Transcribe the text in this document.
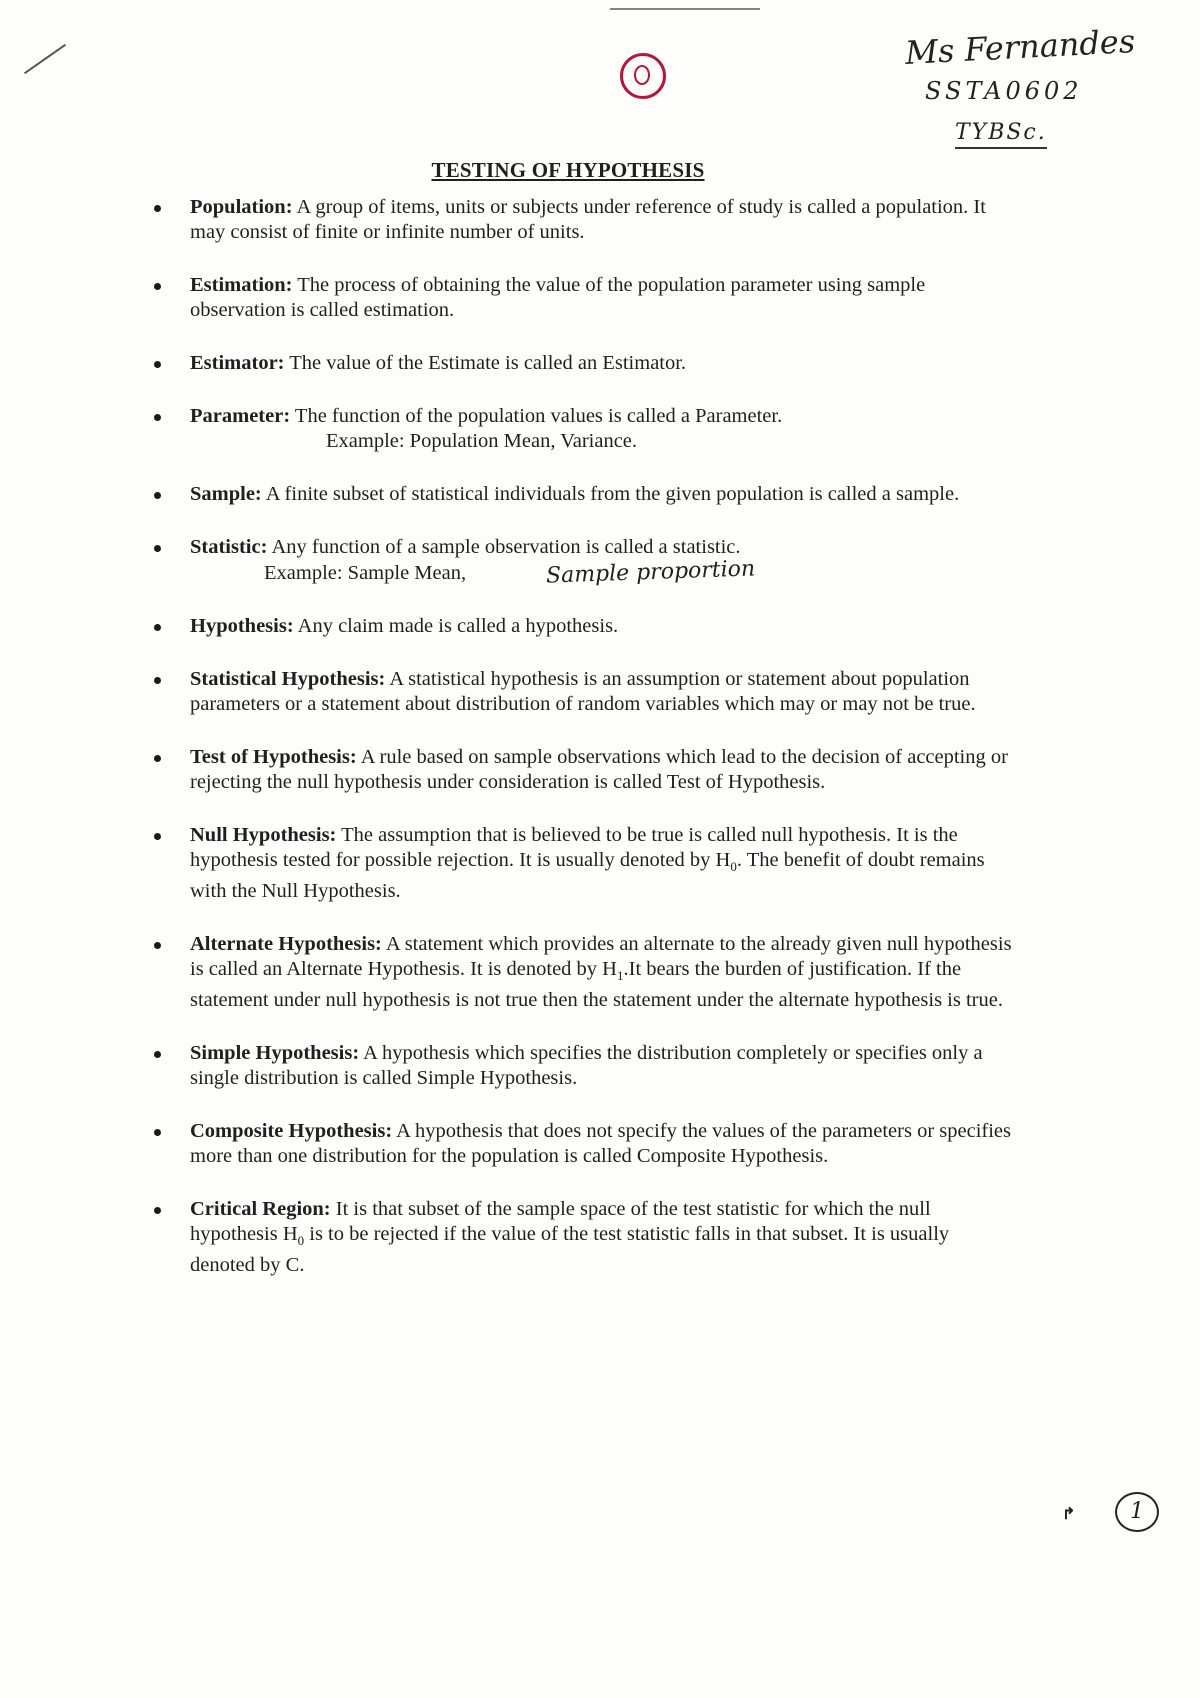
Ms Fernandes
SSTA0602
TYBSc.
TESTING OF HYPOTHESIS
Population: A group of items, units or subjects under reference of study is called a population. It may consist of finite or infinite number of units.
Estimation: The process of obtaining the value of the population parameter using sample observation is called estimation.
Estimator: The value of the Estimate is called an Estimator.
Parameter: The function of the population values is called a Parameter.
Example: Population Mean, Variance.
Sample: A finite subset of statistical individuals from the given population is called a sample.
Statistic: Any function of a sample observation is called a statistic.
Example: Sample Mean,	Sample proportion
Hypothesis: Any claim made is called a hypothesis.
Statistical Hypothesis: A statistical hypothesis is an assumption or statement about population parameters or a statement about distribution of random variables which may or may not be true.
Test of Hypothesis: A rule based on sample observations which lead to the decision of accepting or rejecting the null hypothesis under consideration is called Test of Hypothesis.
Null Hypothesis: The assumption that is believed to be true is called null hypothesis. It is the hypothesis tested for possible rejection. It is usually denoted by $H_0$. The benefit of doubt remains with the Null Hypothesis.
Alternate Hypothesis: A statement which provides an alternate to the already given null hypothesis is called an Alternate Hypothesis. It is denoted by $H_1.It$ bears the burden of justification. If the statement under null hypothesis is not true then the statement under the alternate hypothesis is true.
Simple Hypothesis: A hypothesis which specifies the distribution completely or specifies only a single distribution is called Simple Hypothesis.
Composite Hypothesis: A hypothesis that does not specify the values of the parameters or specifies more than one distribution for the population is called Composite Hypothesis.
Critical Region: It is that subset of the sample space of the test statistic for which the null hypothesis $H_0$ is to be rejected if the value of the test statistic falls in that subset. It is usually denoted by C.
↱	1
